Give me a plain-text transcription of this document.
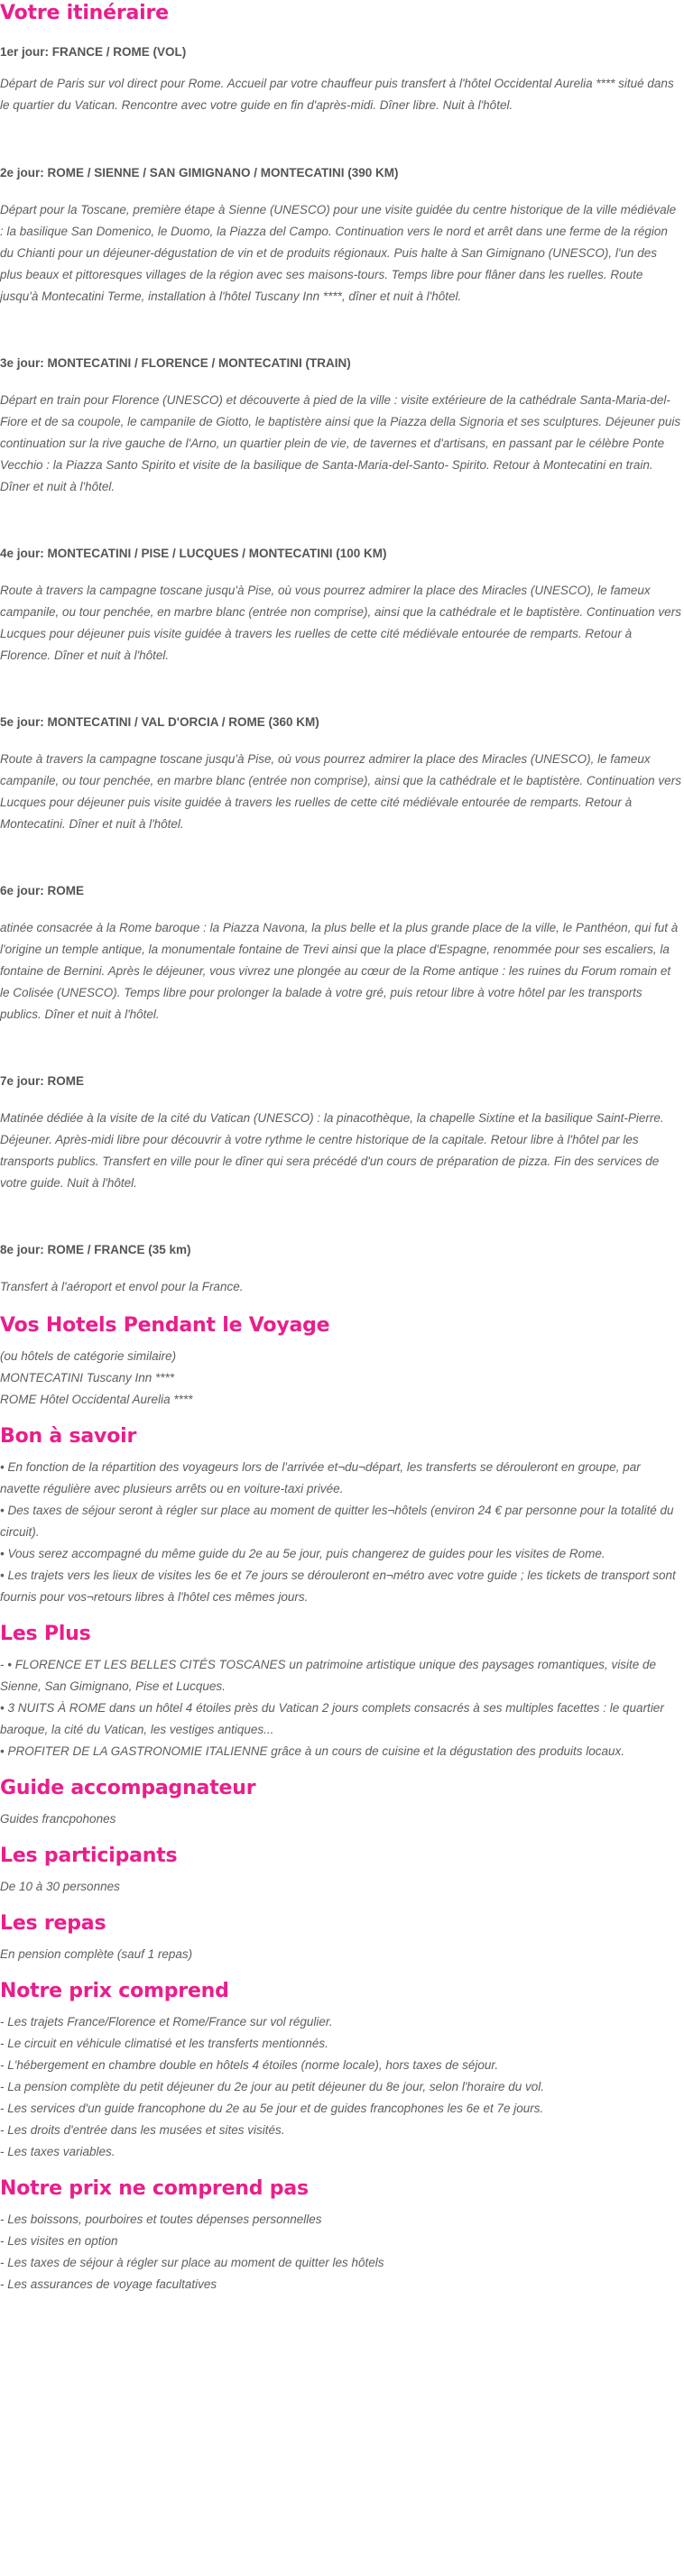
Votre itinéraire
1er jour: FRANCE / ROME (VOL)
Départ de Paris sur vol direct pour Rome. Accueil par votre chauffeur puis transfert à l'hôtel Occidental Aurelia **** situé dans le quartier du Vatican. Rencontre avec votre guide en fin d'après-midi. Dîner libre. Nuit à l'hôtel.
2e jour: ROME / SIENNE / SAN GIMIGNANO / MONTECATINI (390 KM)
Départ pour la Toscane, première étape à Sienne (UNESCO) pour une visite guidée du centre historique de la ville médiévale : la basilique San Domenico, le Duomo, la Piazza del Campo. Continuation vers le nord et arrêt dans une ferme de la région du Chianti pour un déjeuner-dégustation de vin et de produits régionaux. Puis halte à San Gimignano (UNESCO), l'un des plus beaux et pittoresques villages de la région avec ses maisons-tours. Temps libre pour flâner dans les ruelles. Route jusqu'à Montecatini Terme, installation à l'hôtel Tuscany Inn ****, dîner et nuit à l'hôtel.
3e jour: MONTECATINI / FLORENCE / MONTECATINI (TRAIN)
Départ en train pour Florence (UNESCO) et découverte à pied de la ville : visite extérieure de la cathédrale Santa-Maria-del-Fiore et de sa coupole, le campanile de Giotto, le baptistère ainsi que la Piazza della Signoria et ses sculptures. Déjeuner puis continuation sur la rive gauche de l'Arno, un quartier plein de vie, de tavernes et d'artisans, en passant par le célèbre Ponte Vecchio : la Piazza Santo Spirito et visite de la basilique de Santa-Maria-del-Santo- Spirito. Retour à Montecatini en train. Dîner et nuit à l'hôtel.
4e jour: MONTECATINI / PISE / LUCQUES / MONTECATINI (100 KM)
Route à travers la campagne toscane jusqu'à Pise, où vous pourrez admirer la place des Miracles (UNESCO), le fameux campanile, ou tour penchée, en marbre blanc (entrée non comprise), ainsi que la cathédrale et le baptistère. Continuation vers Lucques pour déjeuner puis visite guidée à travers les ruelles de cette cité médiévale entourée de remparts. Retour à Florence. Dîner et nuit à l'hôtel.
5e jour: MONTECATINI / VAL D'ORCIA / ROME (360 KM)
Route à travers la campagne toscane jusqu'à Pise, où vous pourrez admirer la place des Miracles (UNESCO), le fameux campanile, ou tour penchée, en marbre blanc (entrée non comprise), ainsi que la cathédrale et le baptistère. Continuation vers Lucques pour déjeuner puis visite guidée à travers les ruelles de cette cité médiévale entourée de remparts. Retour à Montecatini. Dîner et nuit à l'hôtel.
6e jour: ROME
atinée consacrée à la Rome baroque : la Piazza Navona, la plus belle et la plus grande place de la ville, le Panthéon, qui fut à l'origine un temple antique, la monumentale fontaine de Trevi ainsi que la place d'Espagne, renommée pour ses escaliers, la fontaine de Bernini. Après le déjeuner, vous vivrez une plongée au cœur de la Rome antique : les ruines du Forum romain et le Colisée (UNESCO). Temps libre pour prolonger la balade à votre gré, puis retour libre à votre hôtel par les transports publics. Dîner et nuit à l'hôtel.
7e jour: ROME
Matinée dédiée à la visite de la cité du Vatican (UNESCO) : la pinacothèque, la chapelle Sixtine et la basilique Saint-Pierre. Déjeuner. Après-midi libre pour découvrir à votre rythme le centre historique de la capitale. Retour libre à l'hôtel par les transports publics. Transfert en ville pour le dîner qui sera précédé d'un cours de préparation de pizza. Fin des services de votre guide. Nuit à l'hôtel.
8e jour: ROME / FRANCE (35 km)
Transfert à l'aéroport et envol pour la France.
Vos Hotels Pendant le Voyage
(ou hôtels de catégorie similaire)
MONTECATINI Tuscany Inn ****
ROME Hôtel Occidental Aurelia ****
Bon à savoir
• En fonction de la répartition des voyageurs lors de l'arrivée et¬du¬départ, les transferts se dérouleront en groupe, par navette régulière avec plusieurs arrêts ou en voiture-taxi privée.
• Des taxes de séjour seront à régler sur place au moment de quitter les¬hôtels (environ 24 € par personne pour la totalité du circuit).
• Vous serez accompagné du même guide du 2e au 5e jour, puis changerez de guides pour les visites de Rome.
• Les trajets vers les lieux de visites les 6e et 7e jours se dérouleront en¬métro avec votre guide ; les tickets de transport sont fournis pour vos¬retours libres à l'hôtel ces mêmes jours.
Les Plus
- • FLORENCE ET LES BELLES CITÉS TOSCANES un patrimoine artistique unique des paysages romantiques, visite de Sienne, San Gimignano, Pise et Lucques.
• 3 NUITS À ROME dans un hôtel 4 étoiles près du Vatican 2 jours complets consacrés à ses multiples facettes : le quartier baroque, la cité du Vatican, les vestiges antiques...
• PROFITER DE LA GASTRONOMIE ITALIENNE grâce à un cours de cuisine et la dégustation des produits locaux.
Guide accompagnateur
Guides francpohones
Les participants
De 10 à 30 personnes
Les repas
En pension complète (sauf 1 repas)
Notre prix comprend
- Les trajets France/Florence et Rome/France sur vol régulier.
- Le circuit en véhicule climatisé et les transferts mentionnés.
- L'hébergement en chambre double en hôtels 4 étoiles (norme locale), hors taxes de séjour.
- La pension complète du petit déjeuner du 2e jour au petit déjeuner du 8e jour, selon l'horaire du vol.
- Les services d'un guide francophone du 2e au 5e jour et de guides francophones les 6e et 7e jours.
- Les droits d'entrée dans les musées et sites visités.
- Les taxes variables.
Notre prix ne comprend pas
- Les boissons, pourboires et toutes dépenses personnelles
- Les visites en option
- Les taxes de séjour à régler sur place au moment de quitter les hôtels
- Les assurances de voyage facultatives
